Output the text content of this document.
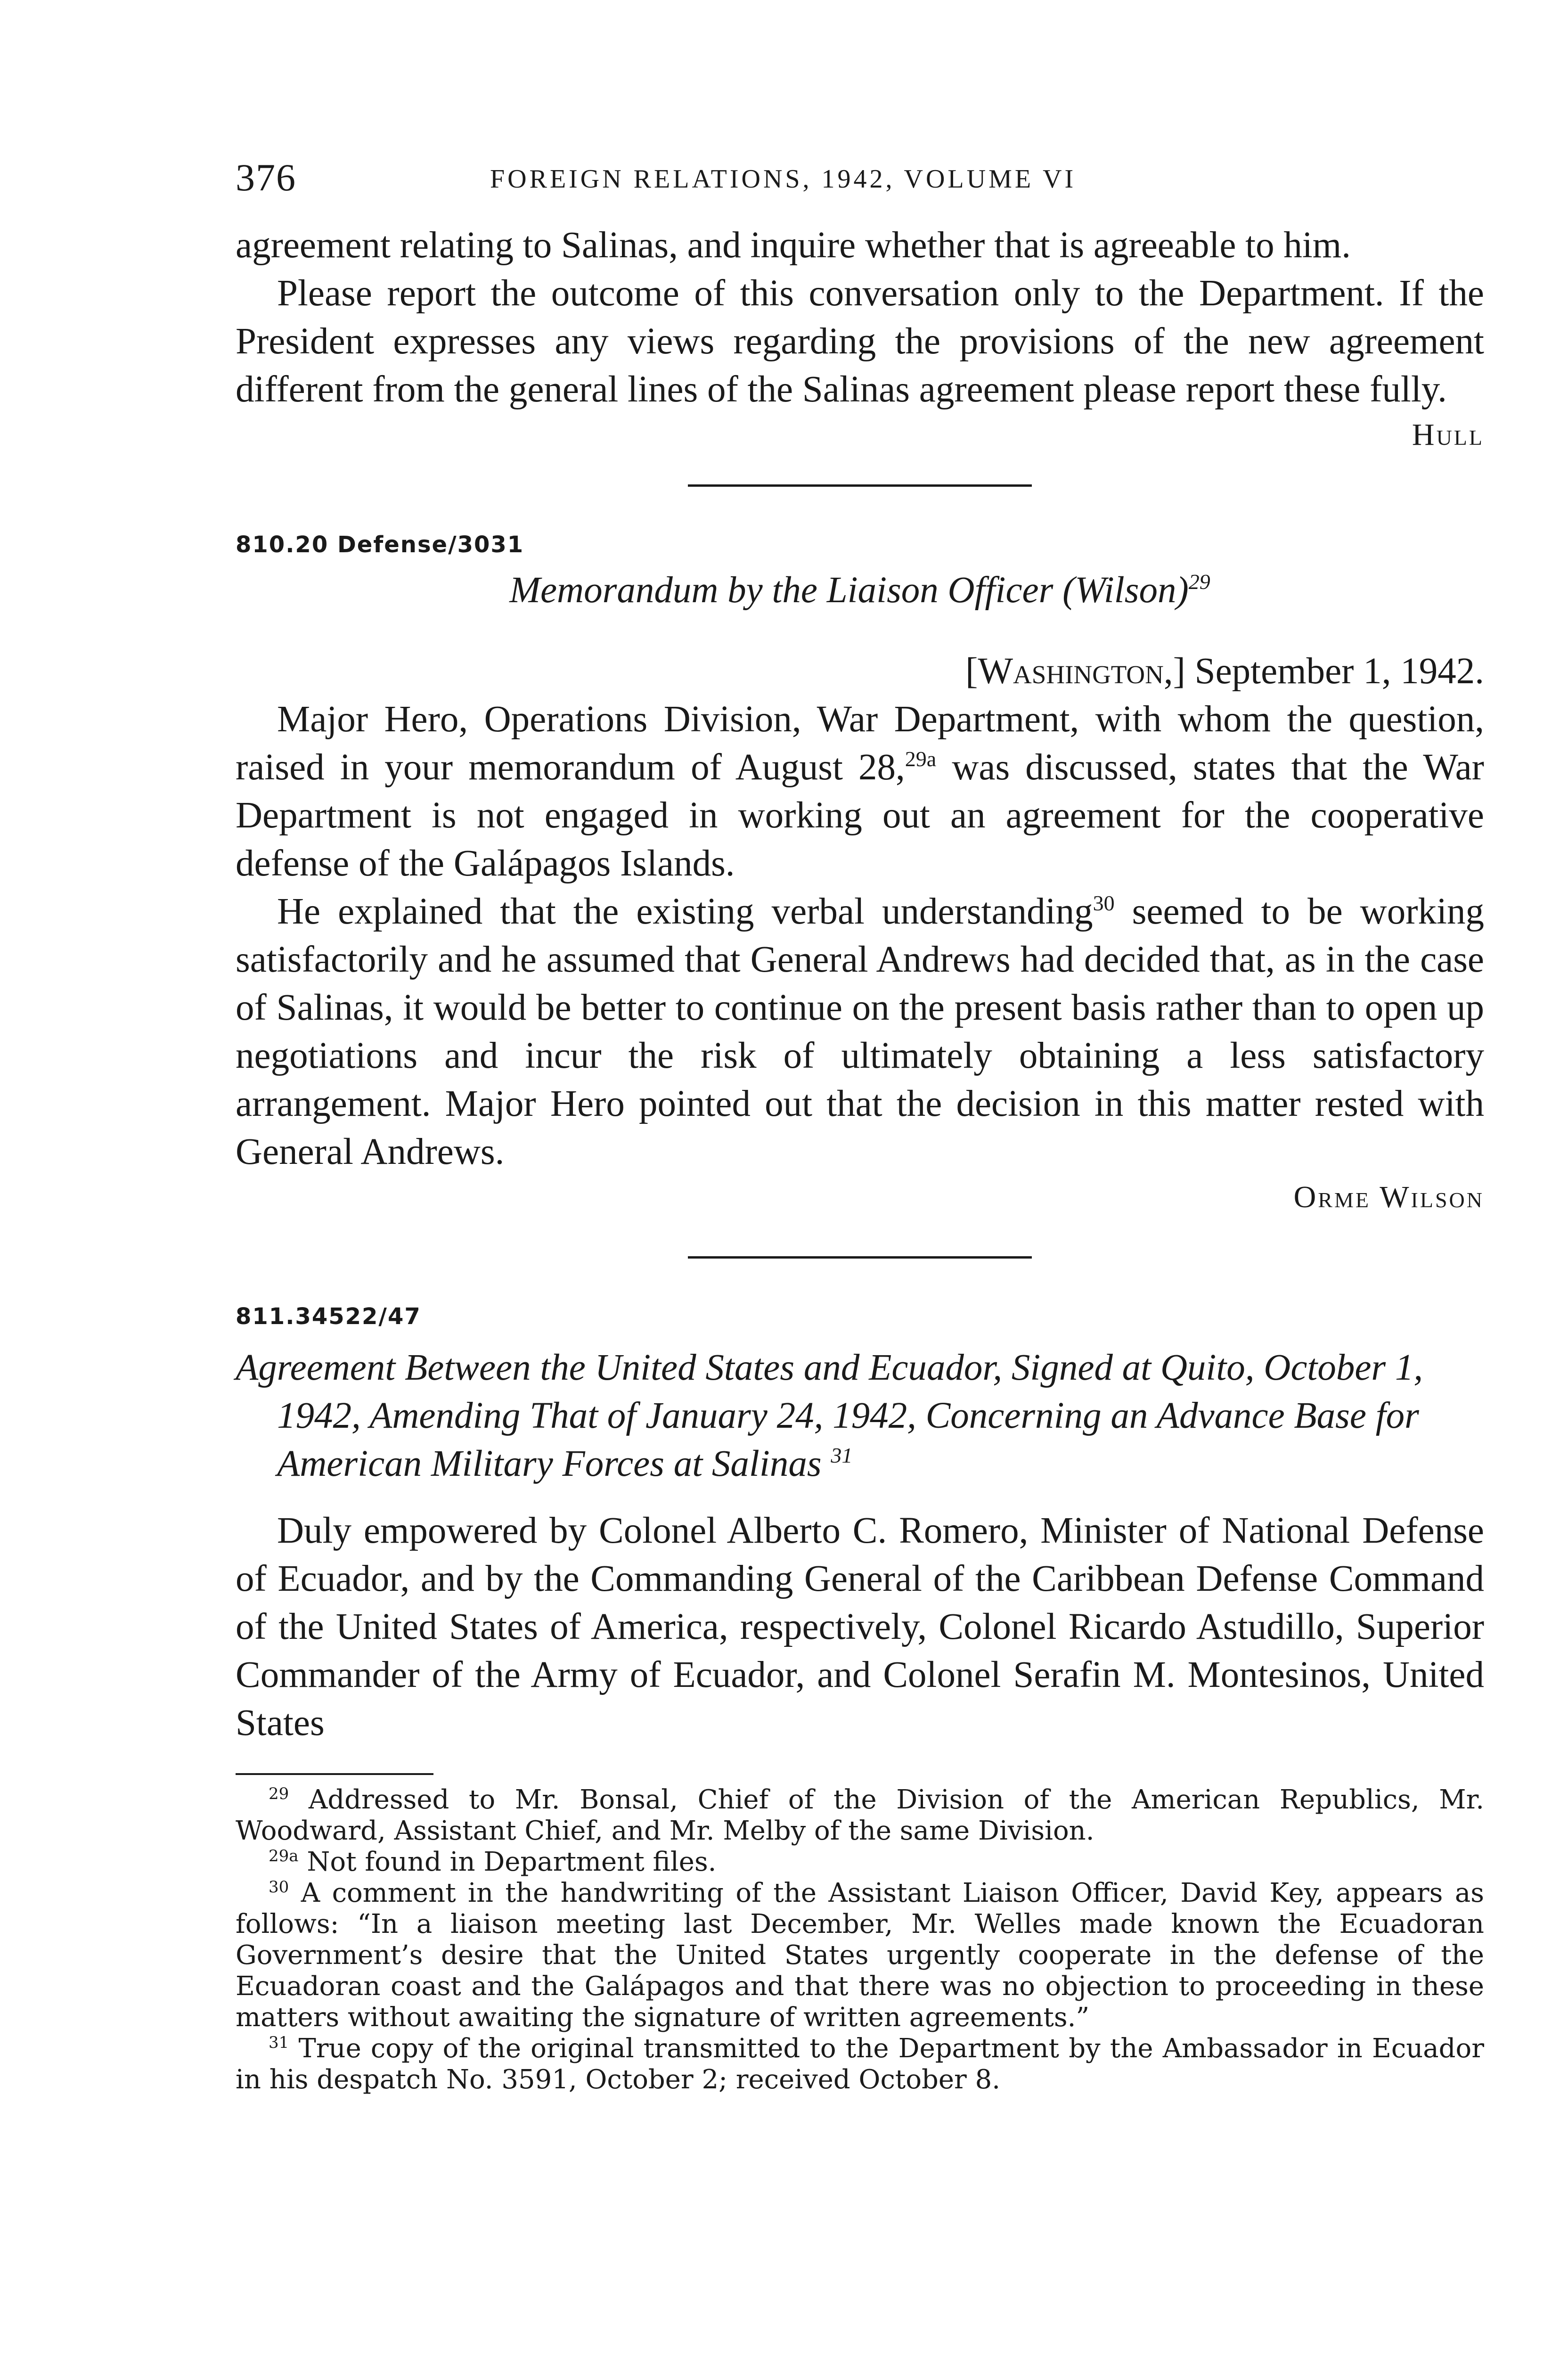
376	FOREIGN RELATIONS, 1942, VOLUME VI

agreement relating to Salinas, and inquire whether that is agreeable to him.

Please report the outcome of this conversation only to the Department. If the President expresses any views regarding the provisions of the new agreement different from the general lines of the Salinas agreement please report these fully.

Hull

810.20 Defense/3031

Memorandum by the Liaison Officer (Wilson)$^{29}$

[Washington,] September 1, 1942.

Major Hero, Operations Division, War Department, with whom the question, raised in your memorandum of August 28,$^{29a}$ was discussed, states that the War Department is not engaged in working out an agreement for the cooperative defense of the Galápagos Islands.

He explained that the existing verbal understanding$^{30}$ seemed to be working satisfactorily and he assumed that General Andrews had decided that, as in the case of Salinas, it would be better to continue on the present basis rather than to open up negotiations and incur the risk of ultimately obtaining a less satisfactory arrangement. Major Hero pointed out that the decision in this matter rested with General Andrews.

Orme Wilson

811.34522/47

Agreement Between the United States and Ecuador, Signed at Quito, October 1, 1942, Amending That of January 24, 1942, Concerning an Advance Base for American Military Forces at Salinas $^{31}$

Duly empowered by Colonel Alberto C. Romero, Minister of National Defense of Ecuador, and by the Commanding General of the Caribbean Defense Command of the United States of America, respectively, Colonel Ricardo Astudillo, Superior Commander of the Army of Ecuador, and Colonel Serafin M. Montesinos, United States

$^{29}$ Addressed to Mr. Bonsal, Chief of the Division of the American Republics, Mr. Woodward, Assistant Chief, and Mr. Melby of the same Division.

$^{29a}$ Not found in Department files.

$^{30}$ A comment in the handwriting of the Assistant Liaison Officer, David Key, appears as follows: “In a liaison meeting last December, Mr. Welles made known the Ecuadoran Government’s desire that the United States urgently cooperate in the defense of the Ecuadoran coast and the Galápagos and that there was no objection to proceeding in these matters without awaiting the signature of written agreements.”

$^{31}$ True copy of the original transmitted to the Department by the Ambassador in Ecuador in his despatch No. 3591, October 2; received October 8.
